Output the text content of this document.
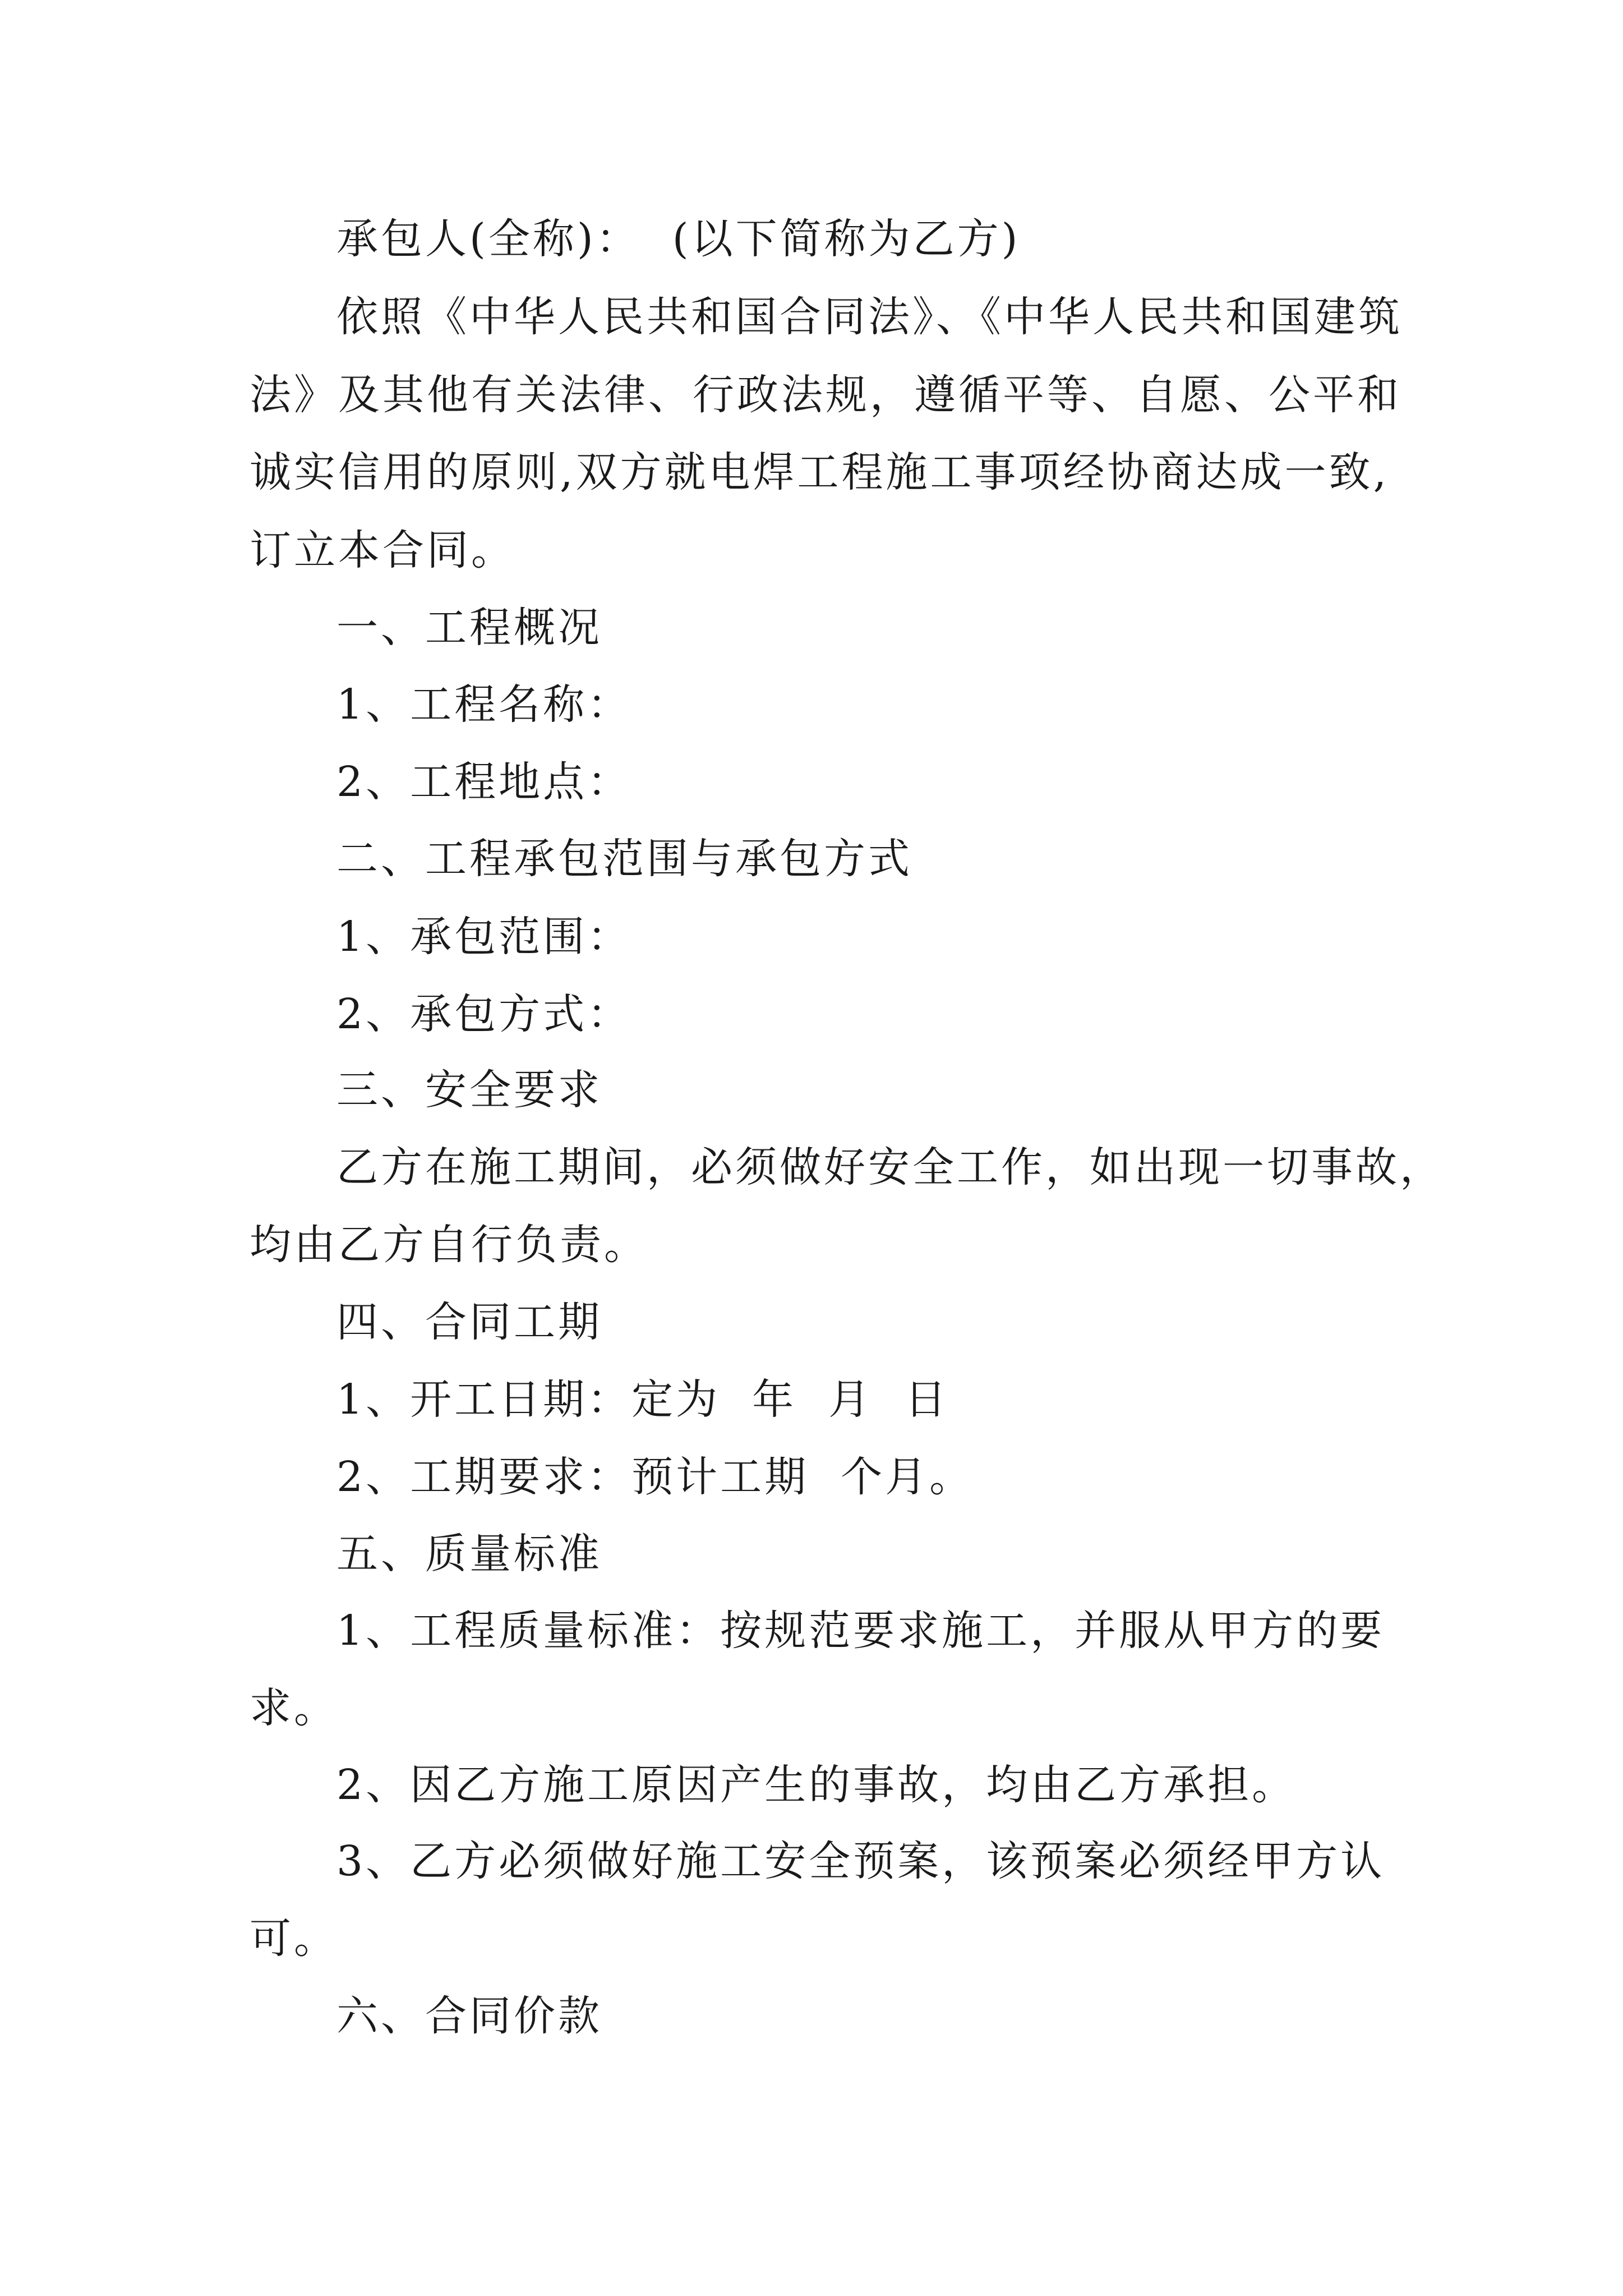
承包人(全称)：  (以下简称为乙方)

依照《中华人民共和国合同法》、《中华人民共和国建筑

法》及其他有关法律、行政法规，遵循平等、自愿、公平和

诚实信用的原则,双方就电焊工程施工事项经协商达成一致,

订立本合同。

一、工程概况

1、工程名称：

2、工程地点：

二、工程承包范围与承包方式

1、承包范围：

2、承包方式：

三、安全要求

乙方在施工期间，必须做好安全工作，如出现一切事故，

均由乙方自行负责。

四、合同工期

1、开工日期：定为  年  月  日

2、工期要求：预计工期  个月。

五、质量标准

1、工程质量标准：按规范要求施工，并服从甲方的要

求。

2、因乙方施工原因产生的事故，均由乙方承担。

3、乙方必须做好施工安全预案，该预案必须经甲方认

可。

六、合同价款
